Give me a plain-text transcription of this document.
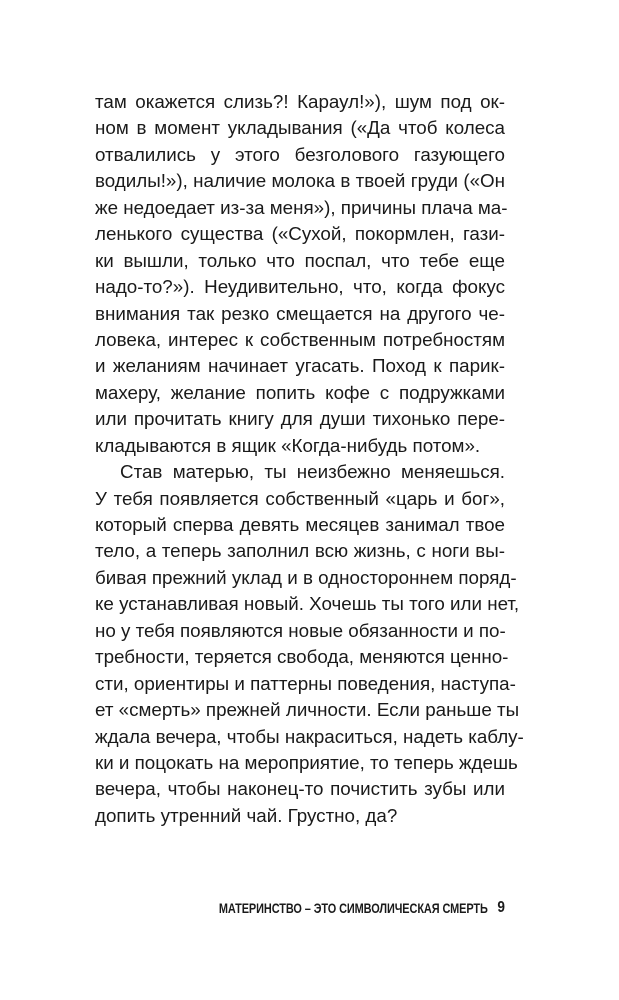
там окажется слизь?! Караул!»), шум под ок-
ном в момент укладывания («Да чтоб колеса
отвалились у этого безголового газующего
водилы!»), наличие молока в твоей груди («Он
же недоедает из-за меня»), причины плача ма-
ленького существа («Сухой, покормлен, гази-
ки вышли, только что поспал, что тебе еще
надо-то?»). Неудивительно, что, когда фокус
внимания так резко смещается на другого че-
ловека, интерес к собственным потребностям
и желаниям начинает угасать. Поход к парик-
махеру, желание попить кофе с подружками
или прочитать книгу для души тихонько пере-
кладываются в ящик «Когда-нибудь потом».
Став матерью, ты неизбежно меняешься.
У тебя появляется собственный «царь и бог»,
который сперва девять месяцев занимал твое
тело, а теперь заполнил всю жизнь, с ноги вы-
бивая прежний уклад и в одностороннем поряд-
ке устанавливая новый. Хочешь ты того или нет,
но у тебя появляются новые обязанности и по-
требности, теряется свобода, меняются ценно-
сти, ориентиры и паттерны поведения, наступа-
ет «смерть» прежней личности. Если раньше ты
ждала вечера, чтобы накраситься, надеть каблу-
ки и поцокать на мероприятие, то теперь ждешь
вечера, чтобы наконец-то почистить зубы или
допить утренний чай. Грустно, да?
МАТЕРИНСТВО – ЭТО СИМВОЛИЧЕСКАЯ СМЕРТЬ 9
